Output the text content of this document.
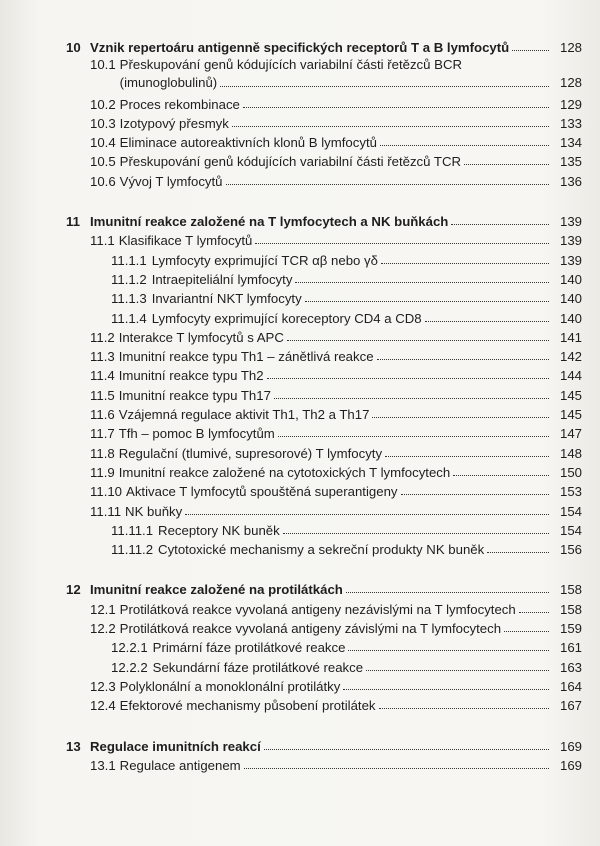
10 Vznik repertoáru antigenně specifických receptorů T a B lymfocytů	128
10.1 Přeskupování genů kódujících variabilní části řetězců BCR
(imunoglobulinů)	128
10.2 Proces rekombinace	129
10.3 Izotypový přesmyk	133
10.4 Eliminace autoreaktivních klonů B lymfocytů	134
10.5 Přeskupování genů kódujících variabilní části řetězců TCR	135
10.6 Vývoj T lymfocytů	136
11 Imunitní reakce založené na T lymfocytech a NK buňkách	139
11.1 Klasifikace T lymfocytů	139
11.1.1 Lymfocyty exprimující TCR αβ nebo γδ	139
11.1.2 Intraepiteliální lymfocyty	140
11.1.3 Invariantní NKT lymfocyty	140
11.1.4 Lymfocyty exprimující koreceptory CD4 a CD8	140
11.2 Interakce T lymfocytů s APC	141
11.3 Imunitní reakce typu Th1 – zánětlivá reakce	142
11.4 Imunitní reakce typu Th2	144
11.5 Imunitní reakce typu Th17	145
11.6 Vzájemná regulace aktivit Th1, Th2 a Th17	145
11.7 Tfh – pomoc B lymfocytům	147
11.8 Regulační (tlumivé, supresorové) T lymfocyty	148
11.9 Imunitní reakce založené na cytotoxických T lymfocytech	150
11.10 Aktivace T lymfocytů spouštěná superantigeny	153
11.11 NK buňky	154
11.11.1 Receptory NK buněk	154
11.11.2 Cytotoxické mechanismy a sekreční produkty NK buněk	156
12 Imunitní reakce založené na protilátkách	158
12.1 Protilátková reakce vyvolaná antigeny nezávislými na T lymfocytech	158
12.2 Protilátková reakce vyvolaná antigeny závislými na T lymfocytech	159
12.2.1 Primární fáze protilátkové reakce	161
12.2.2 Sekundární fáze protilátkové reakce	163
12.3 Polyklonální a monoklonální protilátky	164
12.4 Efektorové mechanismy působení protilátek	167
13 Regulace imunitních reakcí	169
13.1 Regulace antigenem	169
